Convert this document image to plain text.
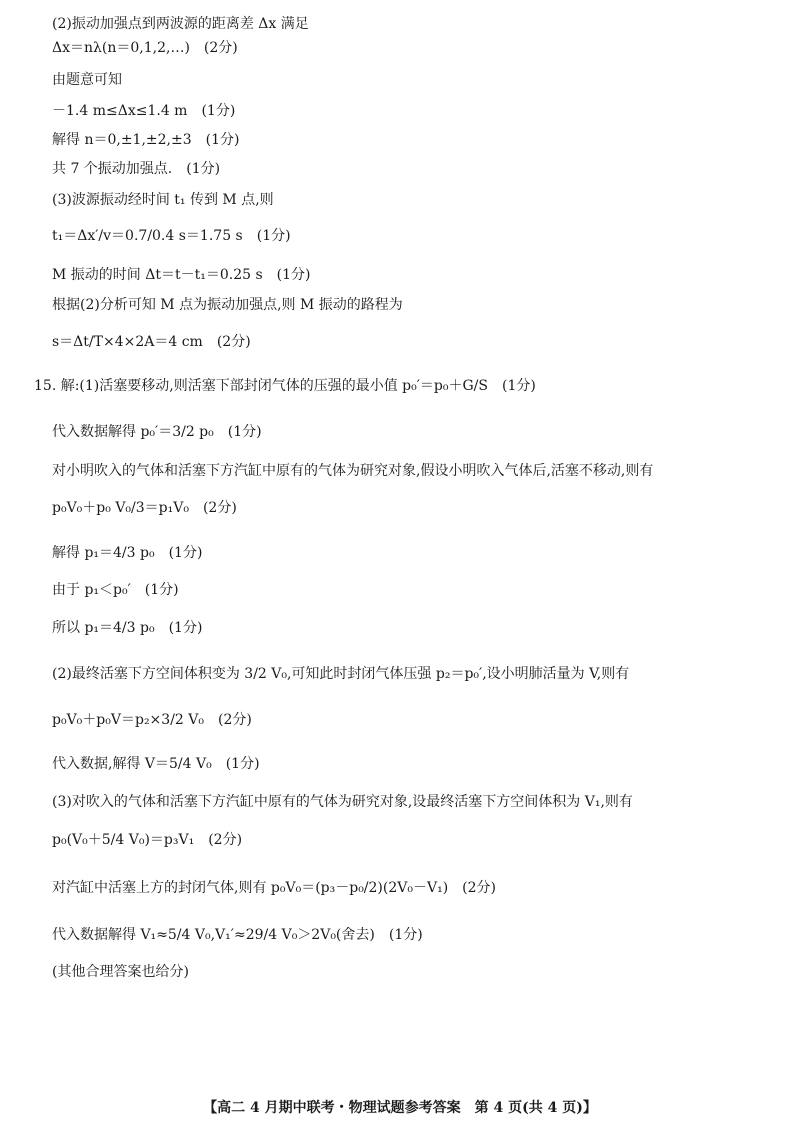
(2)振动加强点到两波源的距离差 Δx 满足
Δx＝nλ(n＝0,1,2,…)　(2分)
由题意可知
－1.4 m≤Δx≤1.4 m　(1分)
解得 n＝0,±1,±2,±3　(1分)
共 7 个振动加强点.　(1分)
(3)波源振动经时间 t₁ 传到 M 点,则
t₁＝Δx′/v＝0.7/0.4 s＝1.75 s　(1分)
M 振动的时间 Δt＝t－t₁＝0.25 s　(1分)
根据(2)分析可知 M 点为振动加强点,则 M 振动的路程为
s＝Δt/T×4×2A＝4 cm　(2分)
15. 解:(1)活塞要移动,则活塞下部封闭气体的压强的最小值 p₀′＝p₀＋G/S　(1分)
代入数据解得 p₀′＝3/2 p₀　(1分)
对小明吹入的气体和活塞下方汽缸中原有的气体为研究对象,假设小明吹入气体后,活塞不移动,则有
p₀V₀＋p₀ V₀/3＝p₁V₀　(2分)
解得 p₁＝4/3 p₀　(1分)
由于 p₁＜p₀′　(1分)
所以 p₁＝4/3 p₀　(1分)
(2)最终活塞下方空间体积变为 3/2 V₀,可知此时封闭气体压强 p₂＝p₀′,设小明肺活量为 V,则有
p₀V₀＋p₀V＝p₂×3/2 V₀　(2分)
代入数据,解得 V＝5/4 V₀　(1分)
(3)对吹入的气体和活塞下方汽缸中原有的气体为研究对象,设最终活塞下方空间体积为 V₁,则有
p₀(V₀＋5/4 V₀)＝p₃V₁　(2分)
对汽缸中活塞上方的封闭气体,则有 p₀V₀＝(p₃－p₀/2)(2V₀－V₁)　(2分)
代入数据解得 V₁≈5/4 V₀,V₁′≈29/4 V₀＞2V₀(舍去)　(1分)
(其他合理答案也给分)
【高二 4 月期中联考・物理试题参考答案　第 4 页(共 4 页)】
